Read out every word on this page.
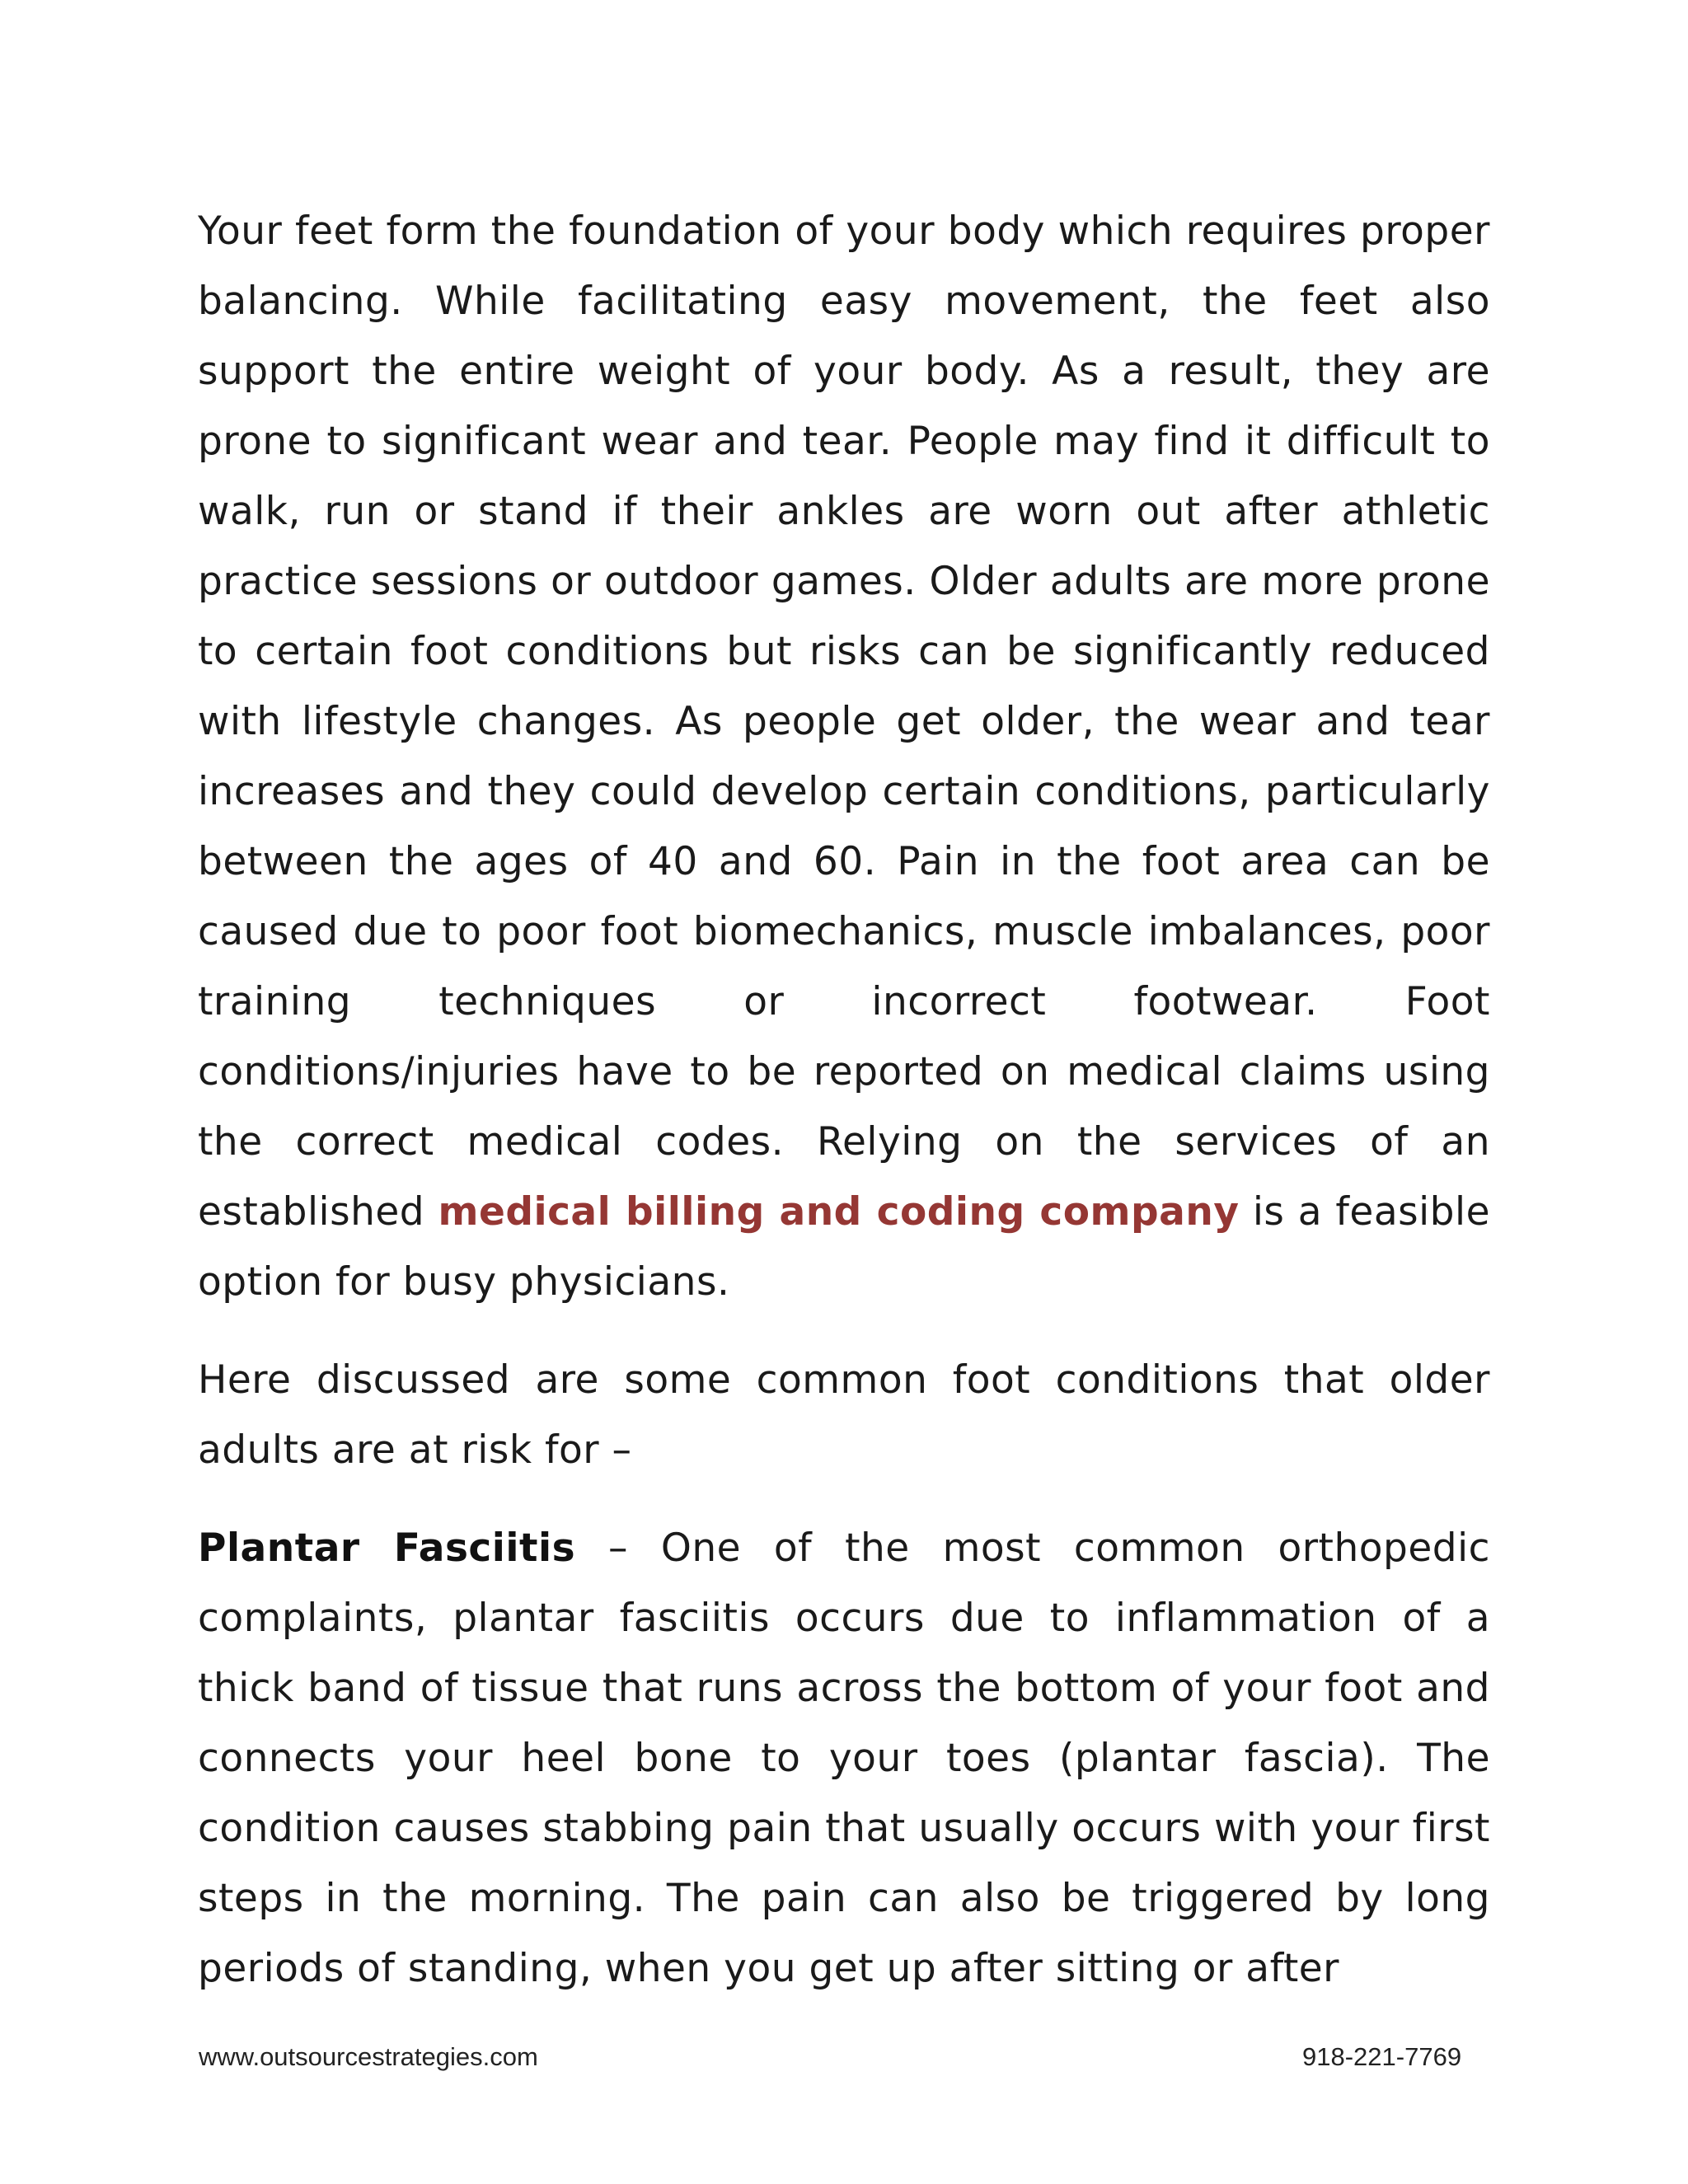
Your feet form the foundation of your body which requires proper balancing. While facilitating easy movement, the feet also support the entire weight of your body. As a result, they are prone to significant wear and tear. People may find it difficult to walk, run or stand if their ankles are worn out after athletic practice sessions or outdoor games. Older adults are more prone to certain foot conditions but risks can be significantly reduced with lifestyle changes. As people get older, the wear and tear increases and they could develop certain conditions, particularly between the ages of 40 and 60. Pain in the foot area can be caused due to poor foot biomechanics, muscle imbalances, poor training techniques or incorrect footwear. Foot conditions/injuries have to be reported on medical claims using the correct medical codes. Relying on the services of an established medical billing and coding company is a feasible option for busy physicians.

Here discussed are some common foot conditions that older adults are at risk for –

Plantar Fasciitis – One of the most common orthopedic complaints, plantar fasciitis occurs due to inflammation of a thick band of tissue that runs across the bottom of your foot and connects your heel bone to your toes (plantar fascia). The condition causes stabbing pain that usually occurs with your first steps in the morning. The pain can also be triggered by long periods of standing, when you get up after sitting or after

www.outsourcestrategies.com	918-221-7769
